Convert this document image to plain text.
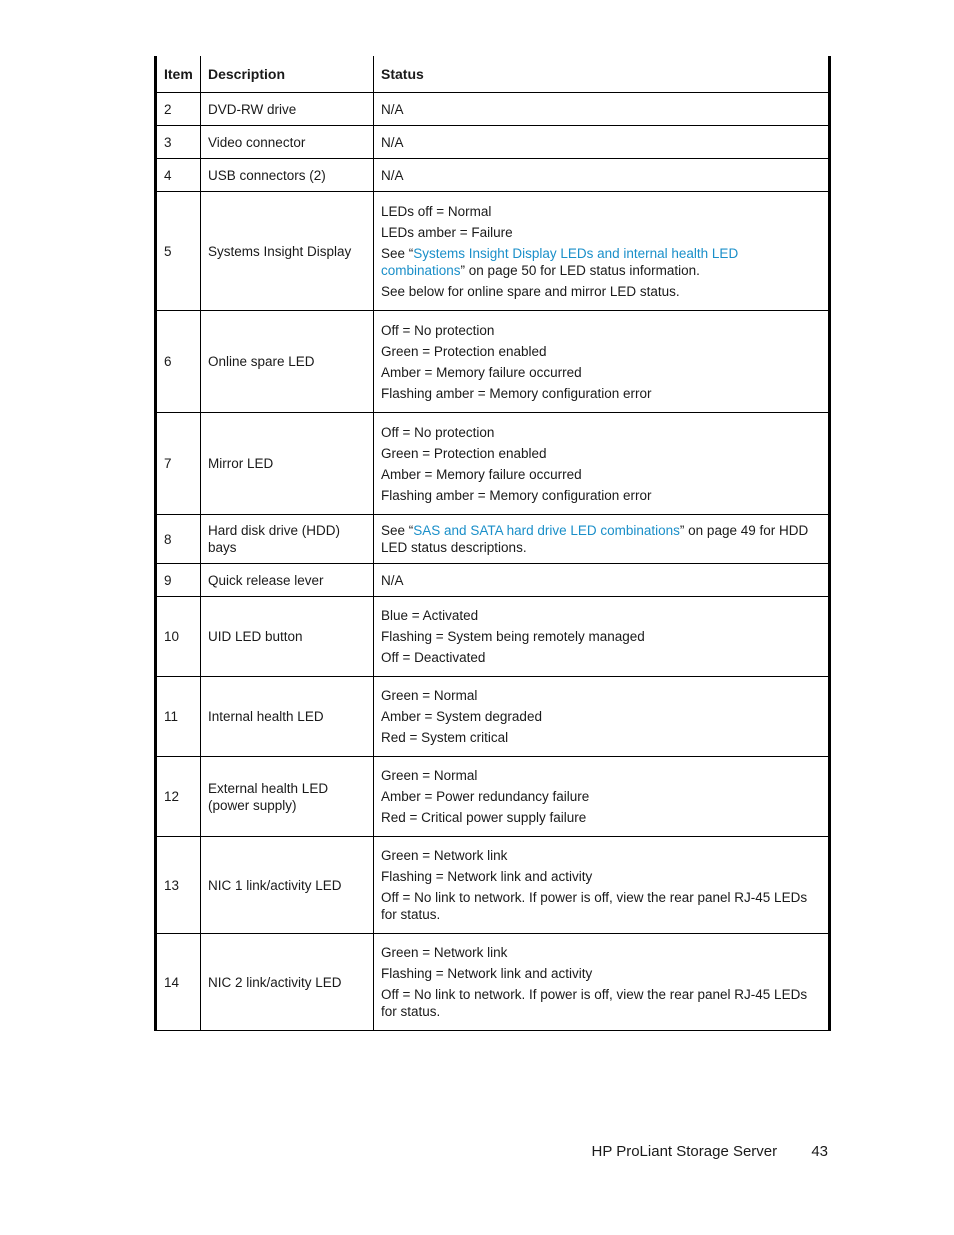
Item	Description	Status
2	DVD-RW drive	N/A

3	Video connector	N/A

4	USB connectors (2)	N/A

5	Systems Insight Display	LEDs off = Normal
LEDs amber = Failure
See “Systems Insight Display LEDs and internal health LED combinations” on page 50 for LED status information.
See below for online spare and mirror LED status.

6	Online spare LED	Off = No protection
Green = Protection enabled
Amber = Memory failure occurred
Flashing amber = Memory configuration error

7	Mirror LED	Off = No protection
Green = Protection enabled
Amber = Memory failure occurred
Flashing amber = Memory configuration error

8	Hard disk drive (HDD) bays	See “SAS and SATA hard drive LED combinations” on page 49 for HDD LED status descriptions.

9	Quick release lever	N/A

10	UID LED button	Blue = Activated
Flashing = System being remotely managed
Off = Deactivated

11	Internal health LED	Green = Normal
Amber = System degraded
Red = System critical

12	External health LED (power supply)	Green = Normal
Amber = Power redundancy failure
Red = Critical power supply failure

13	NIC 1 link/activity LED	Green = Network link
Flashing = Network link and activity
Off = No link to network. If power is off, view the rear panel RJ-45 LEDs for status.

14	NIC 2 link/activity LED	Green = Network link
Flashing = Network link and activity
Off = No link to network. If power is off, view the rear panel RJ-45 LEDs for status.
HP ProLiant Storage Server 43
